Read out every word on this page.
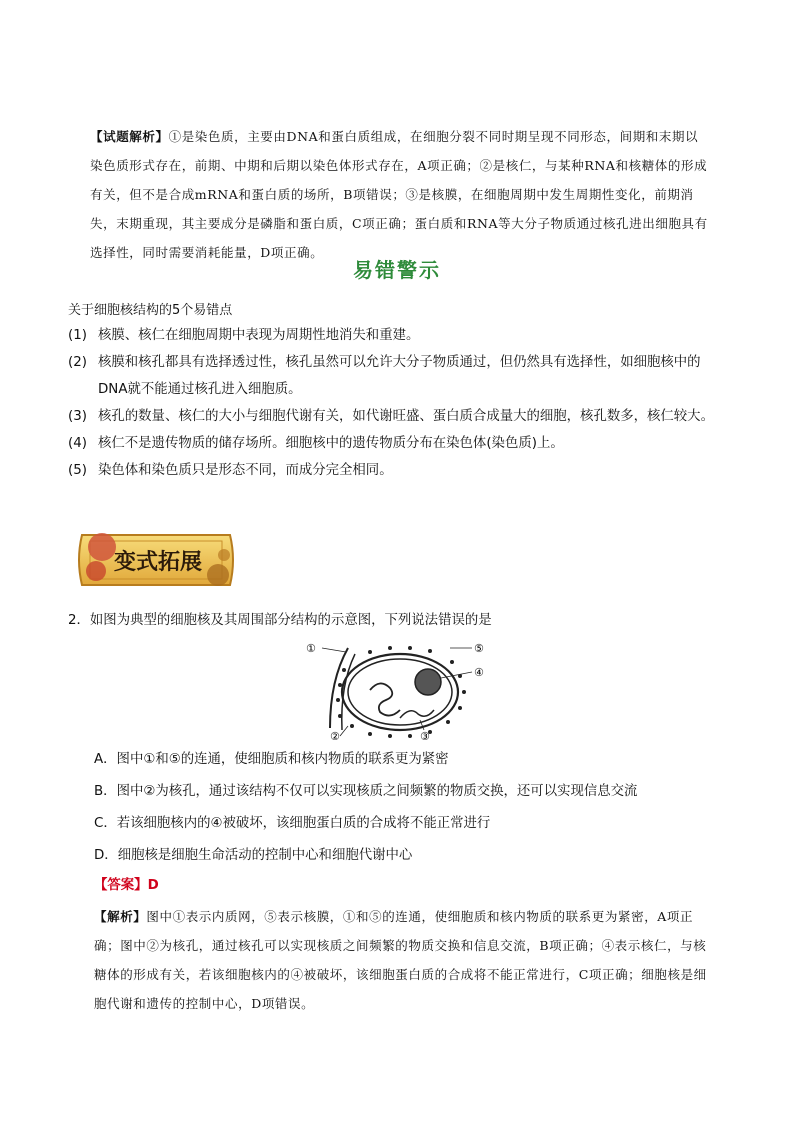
【试题解析】①是染色质，主要由DNA和蛋白质组成，在细胞分裂不同时期呈现不同形态，间期和末期以染色质形式存在，前期、中期和后期以染色体形式存在，A项正确；②是核仁，与某种RNA和核糖体的形成有关，但不是合成mRNA和蛋白质的场所，B项错误；③是核膜，在细胞周期中发生周期性变化，前期消失，末期重现，其主要成分是磷脂和蛋白质，C项正确；蛋白质和RNA等大分子物质通过核孔进出细胞具有选择性，同时需要消耗能量，D项正确。
易错警示
关于细胞核结构的5个易错点
(1) 核膜、核仁在细胞周期中表现为周期性地消失和重建。
(2) 核膜和核孔都具有选择透过性，核孔虽然可以允许大分子物质通过，但仍然具有选择性，如细胞核中的DNA就不能通过核孔进入细胞质。
(3) 核孔的数量、核仁的大小与细胞代谢有关，如代谢旺盛、蛋白质合成量大的细胞，核孔数多，核仁较大。
(4) 核仁不是遗传物质的储存场所。细胞核中的遗传物质分布在染色体(染色质)上。
(5) 染色体和染色质只是形态不同，而成分完全相同。
变式拓展
2．如图为典型的细胞核及其周围部分结构的示意图，下列说法错误的是
①
②	③
④
⑤
A．图中①和⑤的连通，使细胞质和核内物质的联系更为紧密
B．图中②为核孔，通过该结构不仅可以实现核质之间频繁的物质交换，还可以实现信息交流
C．若该细胞核内的④被破坏，该细胞蛋白质的合成将不能正常进行
D．细胞核是细胞生命活动的控制中心和细胞代谢中心
【答案】D
【解析】图中①表示内质网，⑤表示核膜，①和⑤的连通，使细胞质和核内物质的联系更为紧密，A项正确；图中②为核孔，通过核孔可以实现核质之间频繁的物质交换和信息交流，B项正确；④表示核仁，与核糖体的形成有关，若该细胞核内的④被破坏，该细胞蛋白质的合成将不能正常进行，C项正确；细胞核是细胞代谢和遗传的控制中心，D项错误。
